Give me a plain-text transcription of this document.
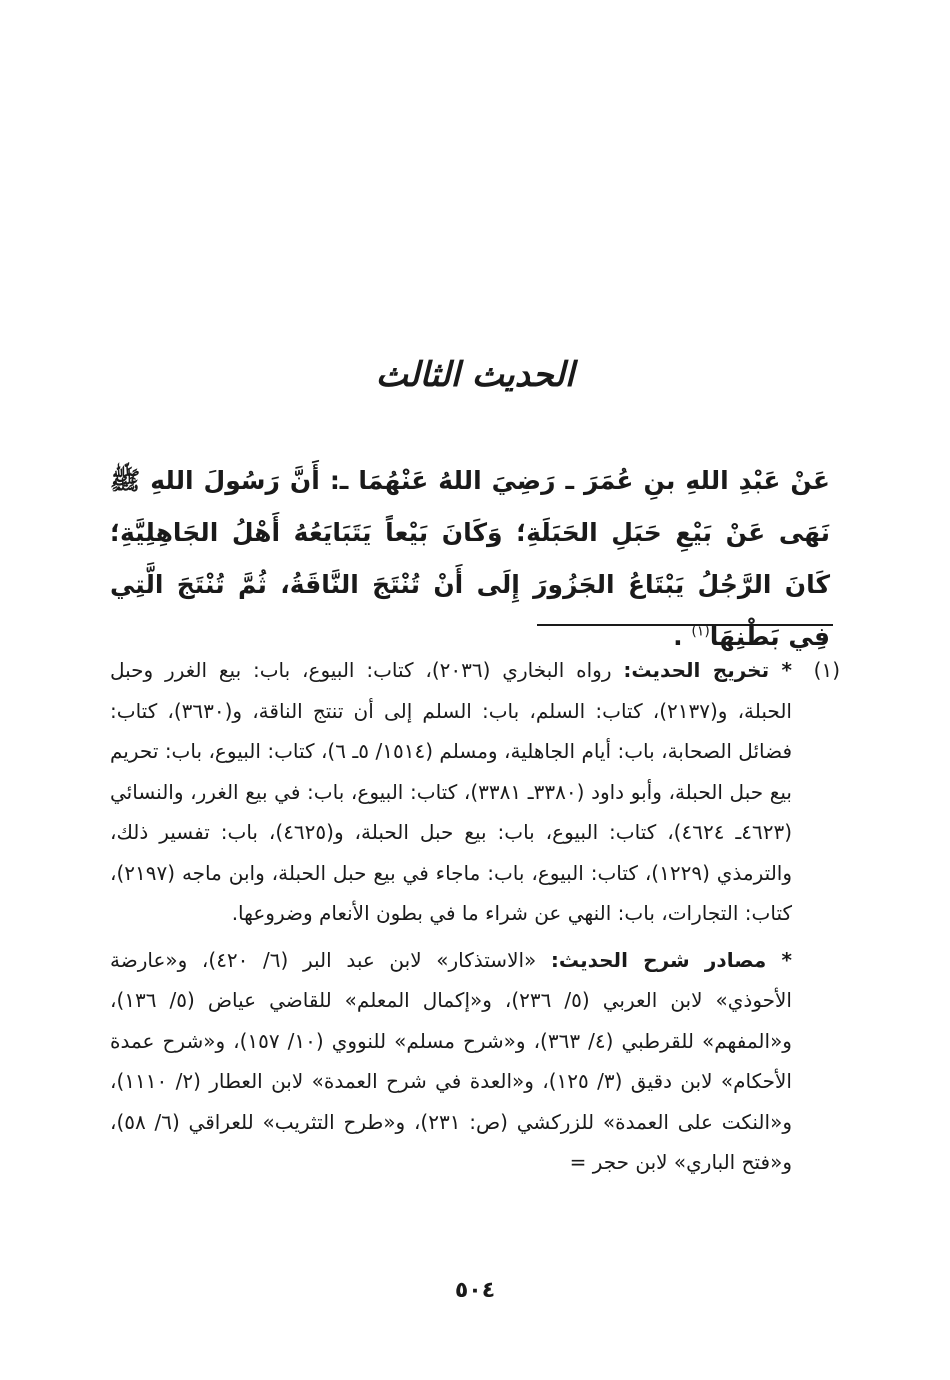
الحديث الثالث
عَنْ عَبْدِ اللهِ بنِ عُمَرَ ـ رَضِيَ اللهُ عَنْهُمَا ـ: أَنَّ رَسُولَ اللهِ ﷺ نَهَى عَنْ بَيْعِ حَبَلِ الحَبَلَةِ؛ وَكَانَ بَيْعاً يَتَبَايَعُهُ أَهْلُ الجَاهِلِيَّةِ؛ كَانَ الرَّجُلُ يَبْتَاعُ الجَزُورَ إِلَى أَنْ تُنْتَجَ النَّاقَةُ، ثُمَّ تُنْتَجَ الَّتِي فِي بَطْنِهَا$^{(١)}$ .
(١)

* تخريج الحديث: رواه البخاري (٢٠٣٦)، كتاب: البيوع، باب: بيع الغرر وحبل الحبلة، و(٢١٣٧)، كتاب: السلم، باب: السلم إلى أن تنتج الناقة، و(٣٦٣٠)، كتاب: فضائل الصحابة، باب: أيام الجاهلية، ومسلم (١٥١٤/ ٥ـ ٦)، كتاب: البيوع، باب: تحريم بيع حبل الحبلة، وأبو داود (٣٣٨٠ـ ٣٣٨١)، كتاب: البيوع، باب: في بيع الغرر، والنسائي (٤٦٢٣ـ ٤٦٢٤)، كتاب: البيوع، باب: بيع حبل الحبلة، و(٤٦٢٥)، باب: تفسير ذلك، والترمذي (١٢٢٩)، كتاب: البيوع، باب: ماجاء في بيع حبل الحبلة، وابن ماجه (٢١٩٧)، كتاب: التجارات، باب: النهي عن شراء ما في بطون الأنعام وضروعها.

* مصادر شرح الحديث: «الاستذكار» لابن عبد البر (٦/ ٤٢٠)، و«عارضة الأحوذي» لابن العربي (٥/ ٢٣٦)، و«إكمال المعلم» للقاضي عياض (٥/ ١٣٦)، و«المفهم» للقرطبي (٤/ ٣٦٣)، و«شرح مسلم» للنووي (١٠/ ١٥٧)، و«شرح عمدة الأحكام» لابن دقيق (٣/ ١٢٥)، و«العدة في شرح العمدة» لابن العطار (٢/ ١١١٠)، و«النكت على العمدة» للزركشي (ص: ٢٣١)، و«طرح التثريب» للعراقي (٦/ ٥٨)، و«فتح الباري» لابن حجر =

٥٠٤
